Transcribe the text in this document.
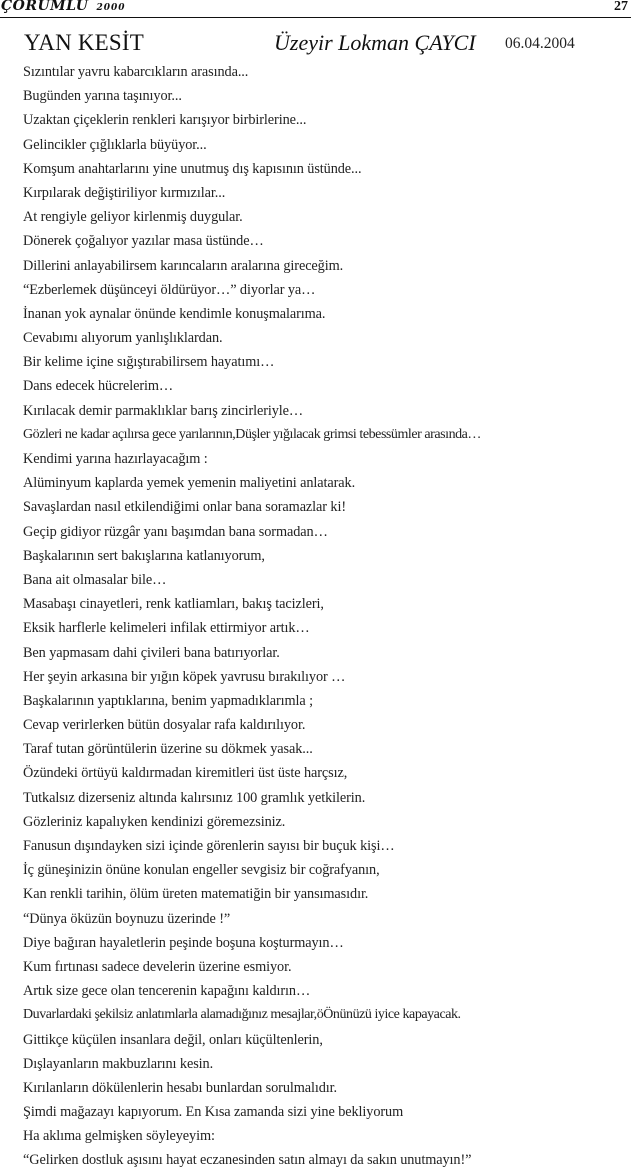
ÇORUMLU 2000	27
YAN KESİT	Üzeyir Lokman ÇAYCI 06.04.2004
Sızıntılar yavru kabarcıkların arasında...
Bugünden yarına taşınıyor...
Uzaktan çiçeklerin renkleri karışıyor birbirlerine...
Gelincikler çığlıklarla büyüyor...
Komşum anahtarlarını yine unutmuş dış kapısının üstünde...
Kırpılarak değiştiriliyor kırmızılar...
At rengiyle geliyor kirlenmiş duygular.
Dönerek çoğalıyor yazılar masa üstünde…
Dillerini anlayabilirsem karıncaların aralarına gireceğim.
“Ezberlemek düşünceyi öldürüyor…” diyorlar ya…
İnanan yok aynalar önünde kendimle konuşmalarıma.
Cevabımı alıyorum yanlışlıklardan.
Bir kelime içine sığıştırabilirsem hayatımı…
Dans edecek hücrelerim…
Kırılacak demir parmaklıklar barış zincirleriyle…
Gözleri ne kadar açılırsa gece yarılarının,Düşler yığılacak grimsi tebessümler arasında…
Kendimi yarına hazırlayacağım :
Alüminyum kaplarda yemek yemenin maliyetini anlatarak.
Savaşlardan nasıl etkilendiğimi onlar bana soramazlar ki!
Geçip gidiyor rüzgâr yanı başımdan bana sormadan…
Başkalarının sert bakışlarına katlanıyorum,
Bana ait olmasalar bile…
Masabaşı cinayetleri, renk katliamları, bakış tacizleri,
Eksik harflerle kelimeleri infilak ettirmiyor artık…
Ben yapmasam dahi çivileri bana batırıyorlar.
Her şeyin arkasına bir yığın köpek yavrusu bırakılıyor …
Başkalarının yaptıklarına, benim yapmadıklarımla ;
Cevap verirlerken bütün dosyalar rafa kaldırılıyor.
Taraf tutan görüntülerin üzerine su dökmek yasak...
Özündeki örtüyü kaldırmadan kiremitleri üst üste harçsız,
Tutkalsız dizerseniz altında kalırsınız 100 gramlık yetkilerin.
Gözleriniz kapalıyken kendinizi göremezsiniz.
Fanusun dışındayken sizi içinde görenlerin sayısı bir buçuk kişi…
İç güneşinizin önüne konulan engeller sevgisiz bir coğrafyanın,
Kan renkli tarihin, ölüm üreten matematiğin bir yansımasıdır.
“Dünya öküzün boynuzu üzerinde !”
Diye bağıran hayaletlerin peşinde boşuna koşturmayın…
Kum fırtınası sadece develerin üzerine esmiyor.
Artık size gece olan tencerenin kapağını kaldırın…
Duvarlardaki şekilsiz anlatımlarla alamadığınız mesajlar,öÖnünüzü iyice kapayacak.
Gittikçe küçülen insanlara değil, onları küçültenlerin,
Dışlayanların makbuzlarını kesin.
Kırılanların dökülenlerin hesabı bunlardan sorulmalıdır.
Şimdi mağazayı kapıyorum. En Kısa zamanda sizi yine bekliyorum
Ha aklıma gelmişken söyleyeyim:
“Gelirken dostluk aşısını hayat eczanesinden satın almayı da sakın unutmayın!”
